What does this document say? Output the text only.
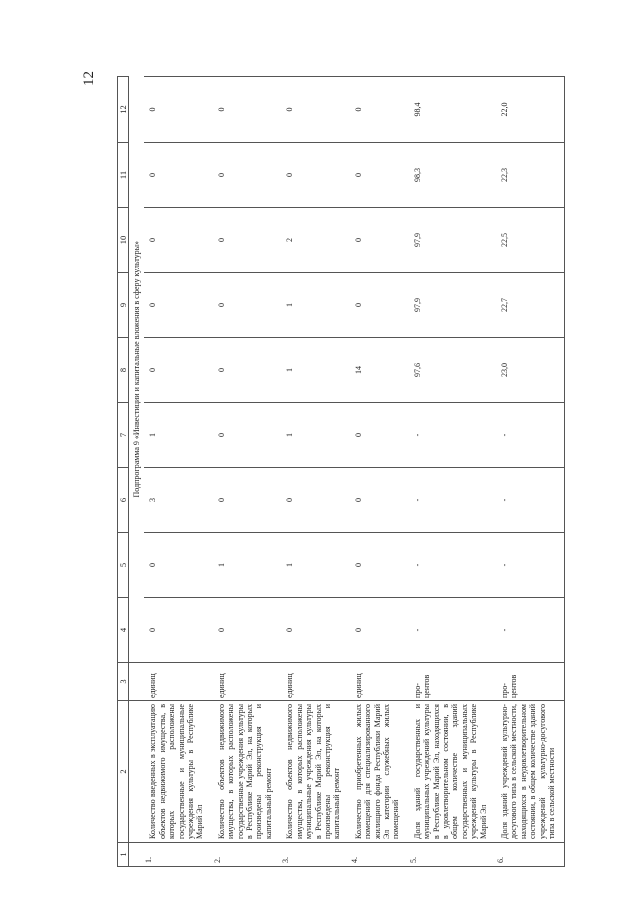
12
1	2	3	4	5	6	7	8	9	10	11	12
			Подпрограмма 9 «Инвестиции и капитальные вложения в сферу культуры»								
1.	Количество введенных в эксплуатацию объектов недвижимого имущества, в которых расположены государственные и муниципальные учреждения культуры в Республике Марий Эл	единиц	0	0	3	1	0	0	0	0	0
2.	Количество объектов недвижимого имущества, в которых расположены государственные учреждения культуры в Республике Марий Эл, на которых произведены реконструкция и капитальный ремонт	единиц	0	1	0	0	0	0	0	0	0
3.	Количество объектов недвижимого имущества, в которых расположены муниципальные учреждения культуры в Республике Марий Эл, на которых произведены реконструкция и капитальный ремонт	единиц	0	1	0	1	1	1	2	0	0
4.	Количество приобретенных жилых помещений для специализированного жилищного фонда Республики Марий Эл категории служебных жилых помещений	единиц	0	0	0	0	14	0	0	0	0
5.	Доля зданий государственных и муниципальных учреждений культуры в Республике Марий Эл, находящихся в удовлетворительном состоянии, в общем количестве зданий государственных и муниципальных учреждений культуры в Республике Марий Эл	про-центов	-	-	-	-	97,6	97,9	97,9	98,3	98,4
6.	Доля зданий учреждений культурно-досугового типа в сельской местности, находящихся в неудовлетворительном состоянии, в общем количестве зданий учреждений культурно-досугового типа в сельской местности	про-центов	-	-	-	-	23,0	22,7	22,5	22,3	22,0
